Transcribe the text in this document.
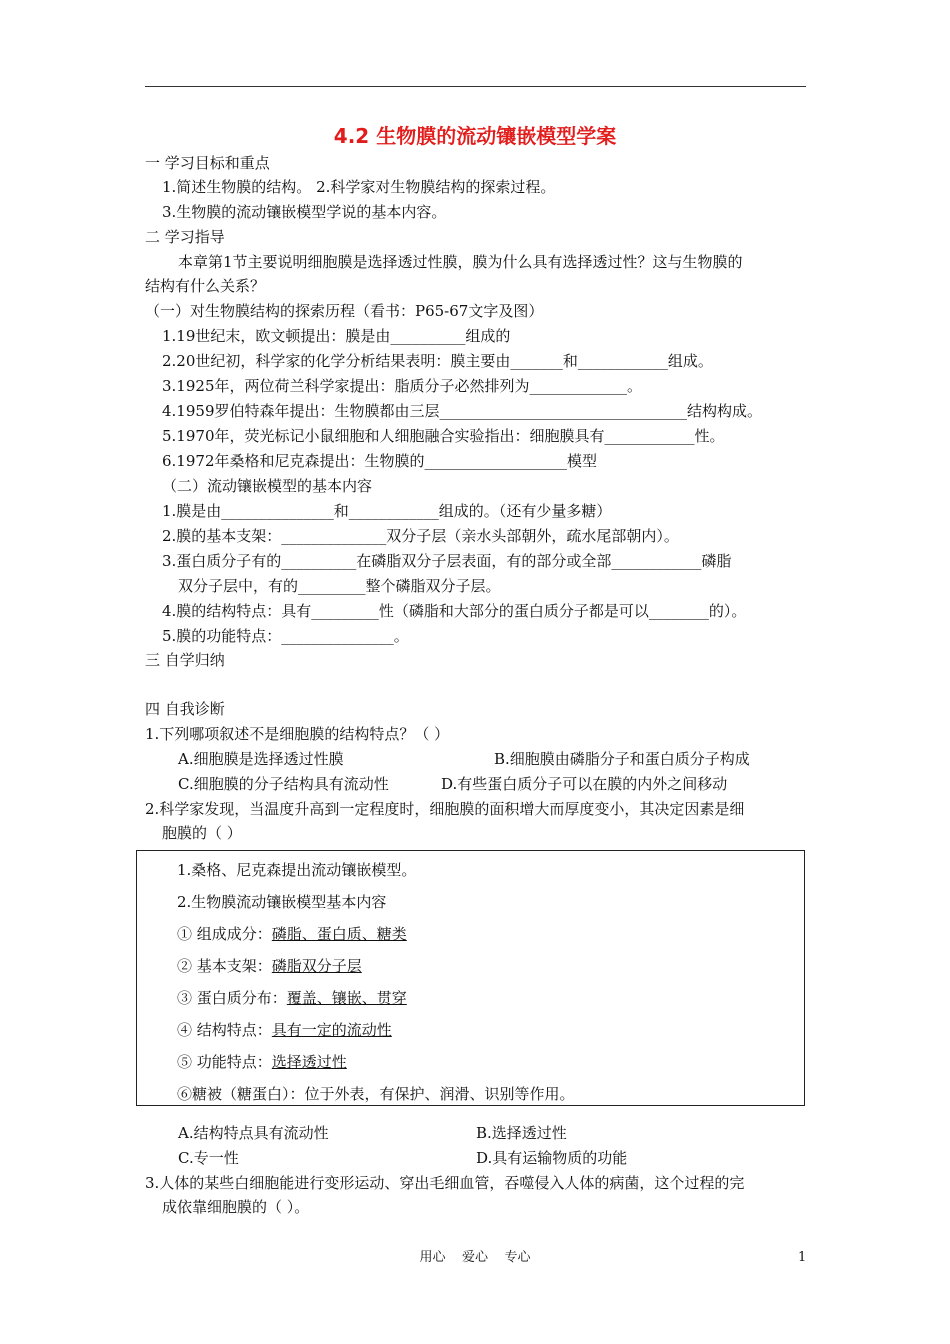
4.2 生物膜的流动镶嵌模型学案
一 学习目标和重点
1.简述生物膜的结构。 2.科学家对生物膜结构的探索过程。
3.生物膜的流动镶嵌模型学说的基本内容。
二 学习指导
本章第1节主要说明细胞膜是选择透过性膜，膜为什么具有选择透过性？这与生物膜的
结构有什么关系？
（一）对生物膜结构的探索历程（看书：P65-67文字及图）
1.19世纪末，欧文顿提出：膜是由__________组成的
2.20世纪初，科学家的化学分析结果表明：膜主要由_______和____________组成。
3.1925年，两位荷兰科学家提出：脂质分子必然排列为_____________。
4.1959罗伯特森年提出：生物膜都由三层_________________________________结构构成。
5.1970年，荧光标记小鼠细胞和人细胞融合实验指出：细胞膜具有____________性。
6.1972年桑格和尼克森提出：生物膜的___________________模型
（二）流动镶嵌模型的基本内容
1.膜是由_______________和____________组成的。（还有少量多糖）
2.膜的基本支架：______________双分子层（亲水头部朝外，疏水尾部朝内）。
3.蛋白质分子有的__________在磷脂双分子层表面，有的部分或全部____________磷脂
双分子层中，有的_________整个磷脂双分子层。
4.膜的结构特点：具有_________性（磷脂和大部分的蛋白质分子都是可以________的）。
5.膜的功能特点：_______________。
三 自学归纳
四 自我诊断
1.下列哪项叙述不是细胞膜的结构特点？（ ）
A.细胞膜是选择透过性膜	B.细胞膜由磷脂分子和蛋白质分子构成
C.细胞膜的分子结构具有流动性	D.有些蛋白质分子可以在膜的内外之间移动
2.科学家发现，当温度升高到一定程度时，细胞膜的面积增大而厚度变小，其决定因素是细
胞膜的（ ）
1.桑格、尼克森提出流动镶嵌模型。
2.生物膜流动镶嵌模型基本内容
① 组成成分：磷脂、蛋白质、糖类
② 基本支架：磷脂双分子层
③ 蛋白质分布：覆盖、镶嵌、贯穿
④ 结构特点：具有一定的流动性
⑤ 功能特点：选择透过性
⑥糖被（糖蛋白）：位于外表，有保护、润滑、识别等作用。
A.结构特点具有流动性	B.选择透过性
C.专一性	D.具有运输物质的功能
3.人体的某些白细胞能进行变形运动、穿出毛细血管，吞噬侵入人体的病菌，这个过程的完
成依靠细胞膜的（ ）。
用心    爱心    专心	1
